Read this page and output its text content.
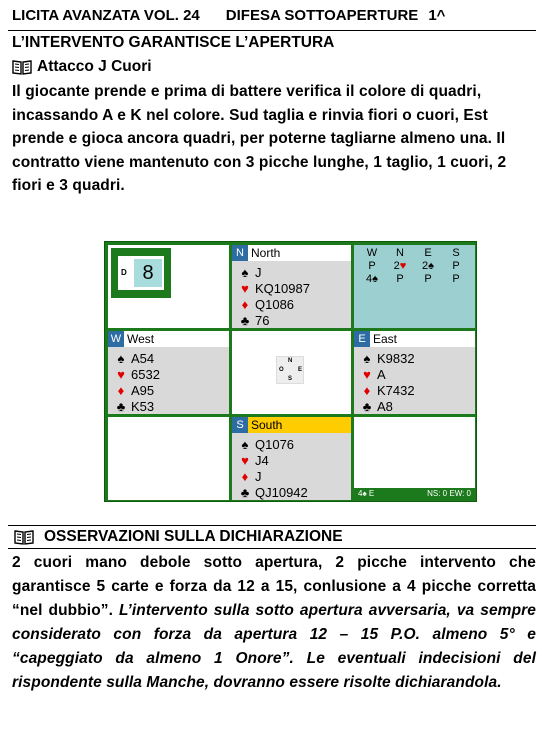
LICITA AVANZATA VOL. 24 DIFESA SOTTOAPERTURE 1^
L’INTERVENTO GARANTISCE L’APERTURA
Attacco J Cuori
Il giocante prende e prima di battere verifica il colore di quadri, incassando A e K nel colore. Sud taglia e rinvia fiori o cuori, Est prende e gioca ancora quadri, per poterne tagliarne almeno una. Il contratto viene mantenuto con 3 picche lunghe, 1 taglio, 1 cuori, 2 fiori e 3 quadri.
D 8
N North
♠ J
♥ KQ10987
♦ Q1086
♣ 76
W	N	E	S
P	2♥	2♠	P
4♠	P	P	P
W West
♠ A54
♥ 6532
♦ A95
♣ K53
N
S
E
O
E East
♠ K9832
♥ A
♦ K7432
♣ A8
S South
♠ Q1076
♥ J4
♦ J
♣ QJ10942	4♠ E	NS: 0 EW: 0
OSSERVAZIONI SULLA DICHIARAZIONE
2 cuori mano debole sotto apertura, 2 picche intervento che garantisce 5 carte e forza da 12 a 15, conlusione a 4 picche corretta “nel dubbio”. L’intervento sulla sotto apertura avversaria, va sempre considerato con forza da apertura 12 – 15 P.O. almeno 5° e “capeggiato da almeno 1 Onore”. Le eventuali indecisioni del rispondente sulla Manche, dovranno essere risolte dichiarandola.
